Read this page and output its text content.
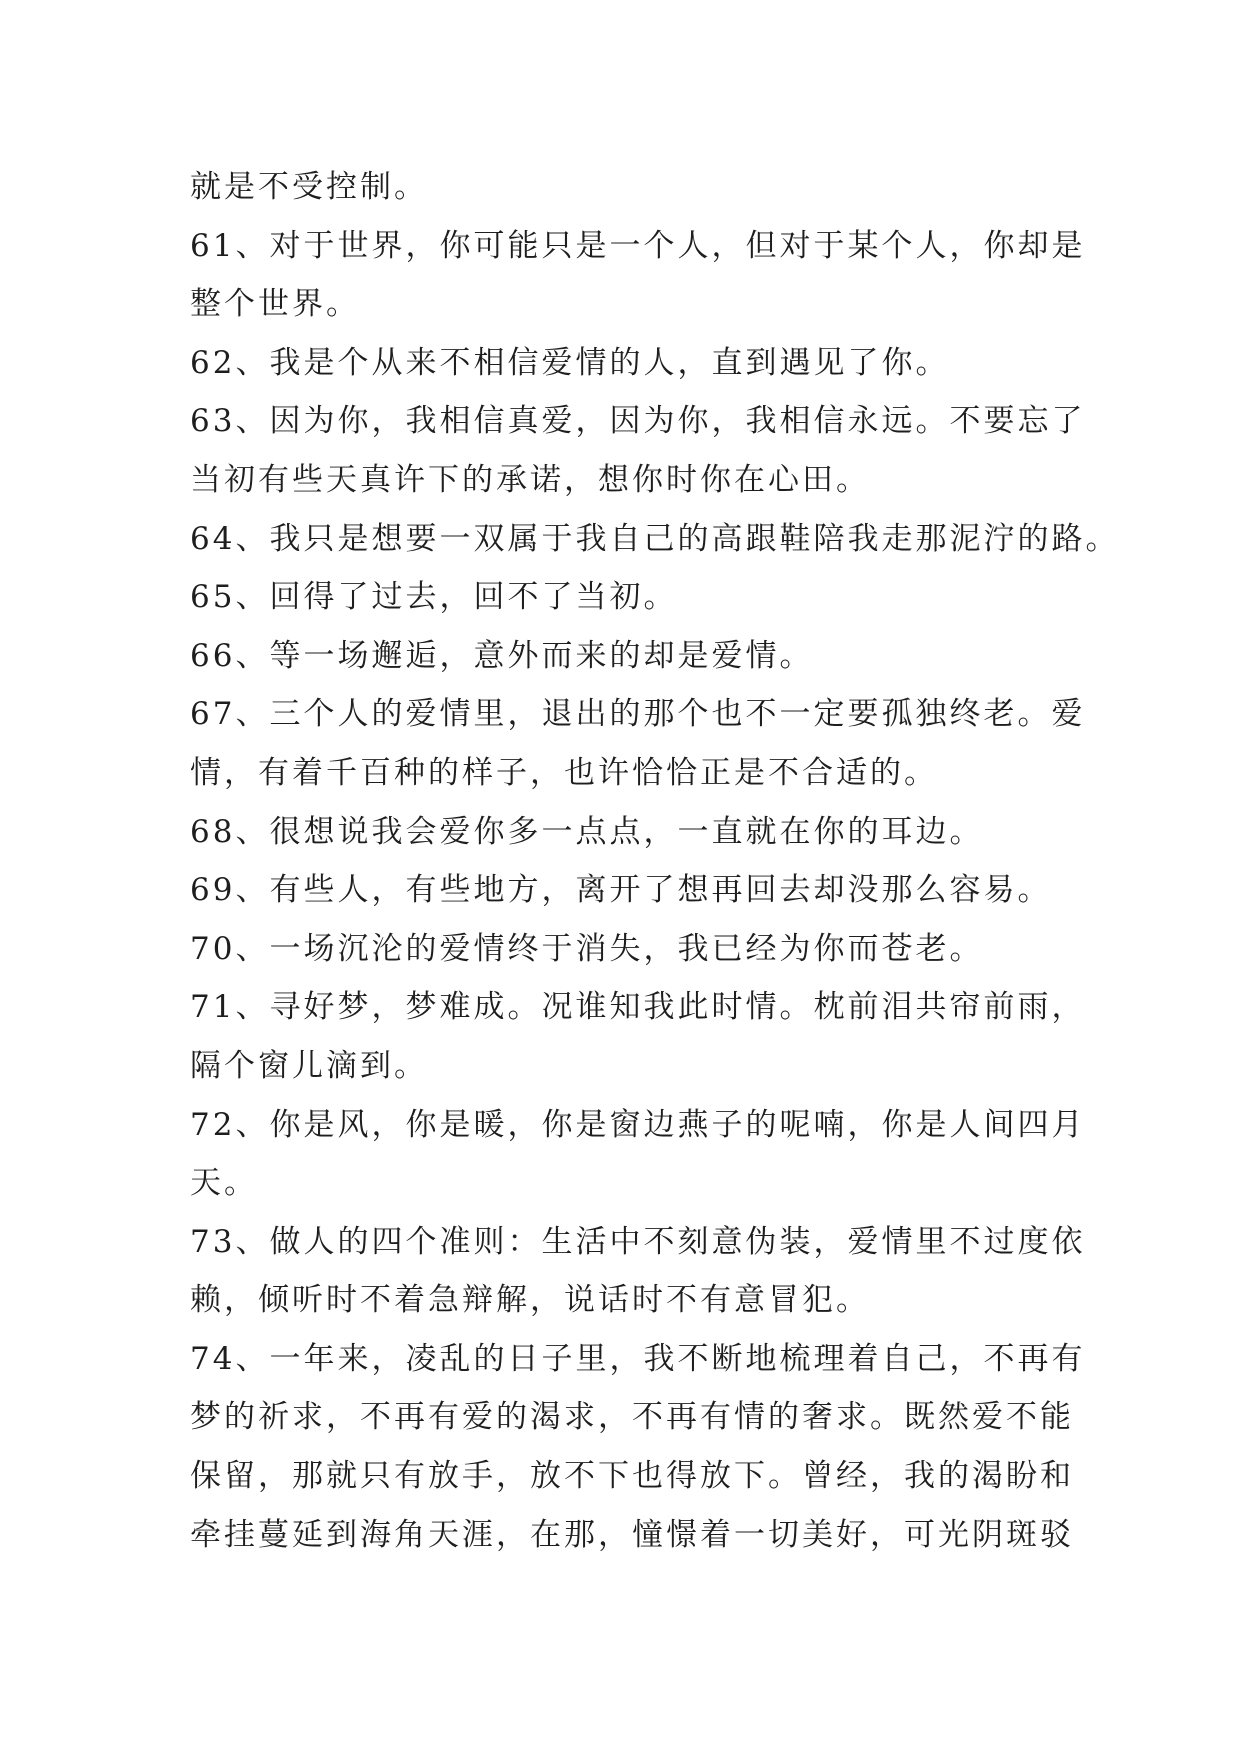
就是不受控制。
61、对于世界，你可能只是一个人，但对于某个人，你却是
整个世界。
62、我是个从来不相信爱情的人，直到遇见了你。
63、因为你，我相信真爱，因为你，我相信永远。不要忘了
当初有些天真许下的承诺，想你时你在心田。
64、我只是想要一双属于我自己的高跟鞋陪我走那泥泞的路。
65、回得了过去，回不了当初。
66、等一场邂逅，意外而来的却是爱情。
67、三个人的爱情里，退出的那个也不一定要孤独终老。爱
情，有着千百种的样子，也许恰恰正是不合适的。
68、很想说我会爱你多一点点，一直就在你的耳边。
69、有些人，有些地方，离开了想再回去却没那么容易。
70、一场沉沦的爱情终于消失，我已经为你而苍老。
71、寻好梦，梦难成。况谁知我此时情。枕前泪共帘前雨，
隔个窗儿滴到。
72、你是风，你是暖，你是窗边燕子的呢喃，你是人间四月
天。
73、做人的四个准则：生活中不刻意伪装，爱情里不过度依
赖，倾听时不着急辩解，说话时不有意冒犯。
74、一年来，凌乱的日子里，我不断地梳理着自己，不再有
梦的祈求，不再有爱的渴求，不再有情的奢求。既然爱不能
保留，那就只有放手，放不下也得放下。曾经，我的渴盼和
牵挂蔓延到海角天涯，在那，憧憬着一切美好，可光阴斑驳
